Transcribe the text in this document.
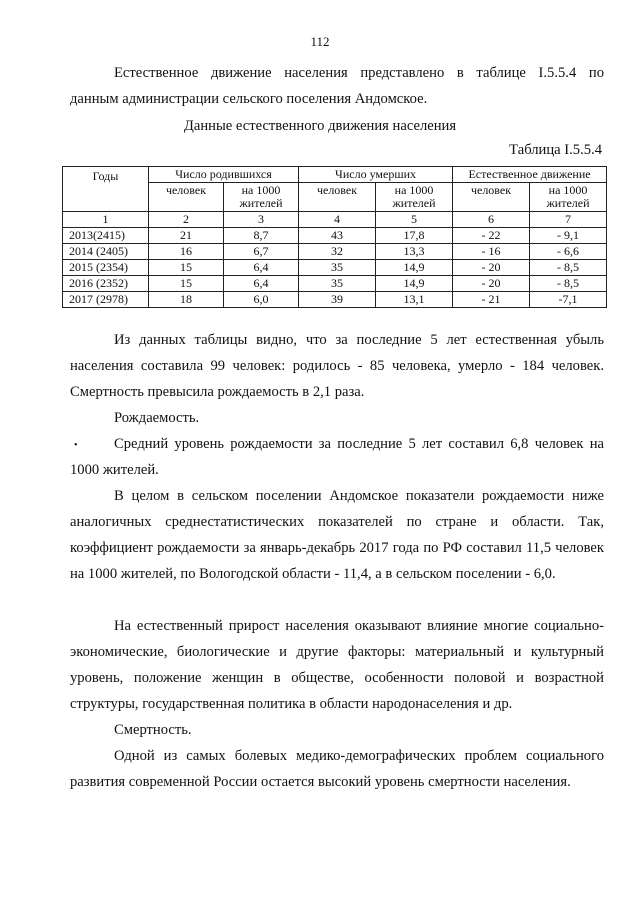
112
Естественное движение населения представлено в таблице I.5.5.4 по
данным администрации сельского поселения Андомское.
Данные естественного движения населения
Таблица I.5.5.4
Годы	Число родившихся		Число умерших		Естественное движение	
	человек	на 1000 жителей	человек	на 1000 жителей	человек	на 1000 жителей
1	2	3	4	5	6	7
2013(2415)	21	8,7	43	17,8	- 22	- 9,1
2014 (2405)	16	6,7	32	13,3	- 16	- 6,6
2015 (2354)	15	6,4	35	14,9	- 20	- 8,5
2016 (2352)	15	6,4	35	14,9	- 20	- 8,5
2017 (2978)	18	6,0	39	13,1	- 21	-7,1
Из данных таблицы видно, что за последние 5 лет естественная убыль населения составила 99 человек: родилось - 85 человека, умерло - 184 человек. Смертность превысила рождаемость в 2,1 раза.
Рождаемость.
•	Средний уровень рождаемости за последние 5 лет составил 6,8 человек на 1000 жителей.
В целом в сельском поселении Андомское показатели рождаемости ниже аналогичных среднестатистических показателей по стране и области. Так, коэффициент рождаемости за январь-декабрь 2017 года по РФ составил 11,5 человек на 1000 жителей, по Вологодской области - 11,4, а в сельском поселении - 6,0.
На естественный прирост населения оказывают влияние многие социально-экономические, биологические и другие факторы: материальный и культурный уровень, положение женщин в обществе, особенности половой и возрастной структуры, государственная политика в области народонаселения и др.
Смертность.
Одной из самых болевых медико-демографических проблем социального развития современной России остается высокий уровень смертности населения.
